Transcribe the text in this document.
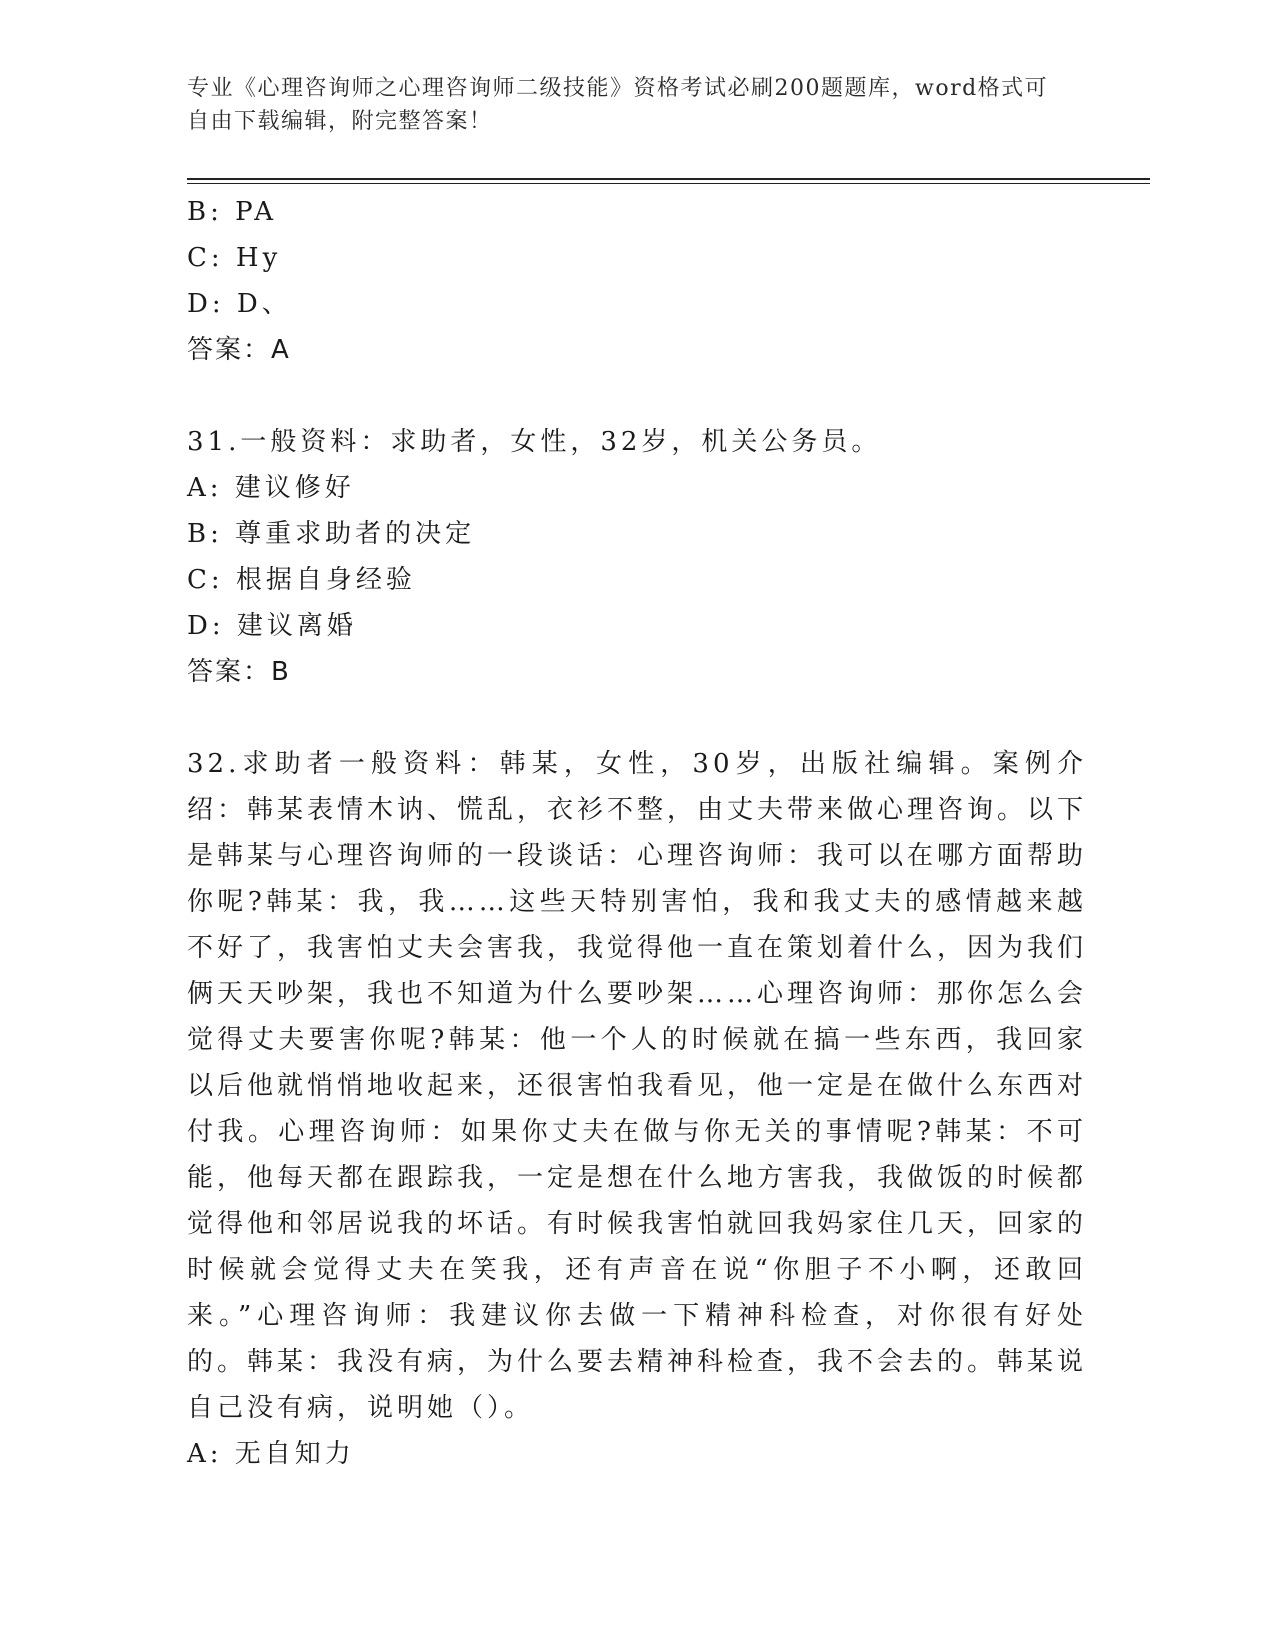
专业《心理咨询师之心理咨询师二级技能》资格考试必刷200题题库，word格式可自由下载编辑，附完整答案！

B: PA

C: Hy

D: D、

答案：A

31.一般资料：求助者，女性，32岁，机关公务员。

A: 建议修好

B: 尊重求助者的决定

C: 根据自身经验

D: 建议离婚

答案：B

32.求助者一般资料：韩某，女性，30岁，出版社编辑。案例介绍：韩某表情木讷、慌乱，衣衫不整，由丈夫带来做心理咨询。以下是韩某与心理咨询师的一段谈话：心理咨询师：我可以在哪方面帮助你呢?韩某：我，我……这些天特别害怕，我和我丈夫的感情越来越不好了，我害怕丈夫会害我，我觉得他一直在策划着什么，因为我们俩天天吵架，我也不知道为什么要吵架……心理咨询师：那你怎么会觉得丈夫要害你呢?韩某：他一个人的时候就在搞一些东西，我回家以后他就悄悄地收起来，还很害怕我看见，他一定是在做什么东西对付我。心理咨询师：如果你丈夫在做与你无关的事情呢?韩某：不可能，他每天都在跟踪我，一定是想在什么地方害我，我做饭的时候都觉得他和邻居说我的坏话。有时候我害怕就回我妈家住几天，回家的时候就会觉得丈夫在笑我，还有声音在说“你胆子不小啊，还敢回来。”心理咨询师：我建议你去做一下精神科检查，对你很有好处的。韩某：我没有病，为什么要去精神科检查，我不会去的。韩某说自己没有病，说明她（）。

A: 无自知力
